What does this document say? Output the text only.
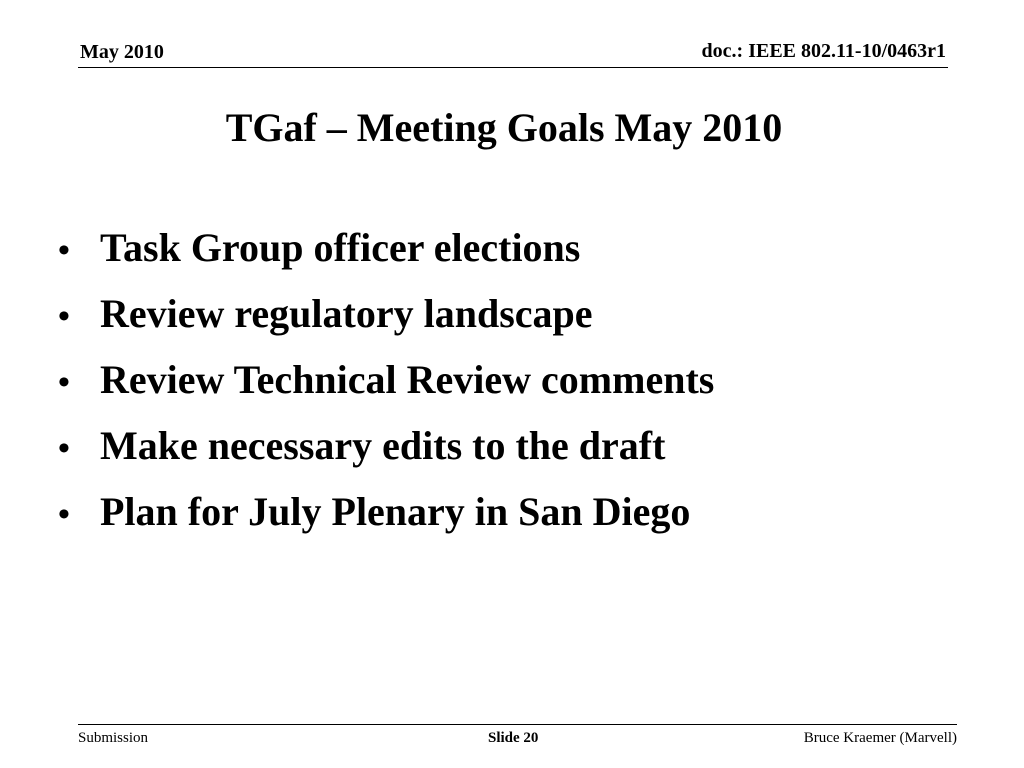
May 2010	doc.: IEEE 802.11-10/0463r1
TGaf – Meeting Goals May 2010
• Task Group officer elections
• Review regulatory landscape
• Review Technical Review comments
• Make necessary edits to the draft
• Plan for July Plenary in San Diego
Submission	Slide 20	Bruce Kraemer (Marvell)
